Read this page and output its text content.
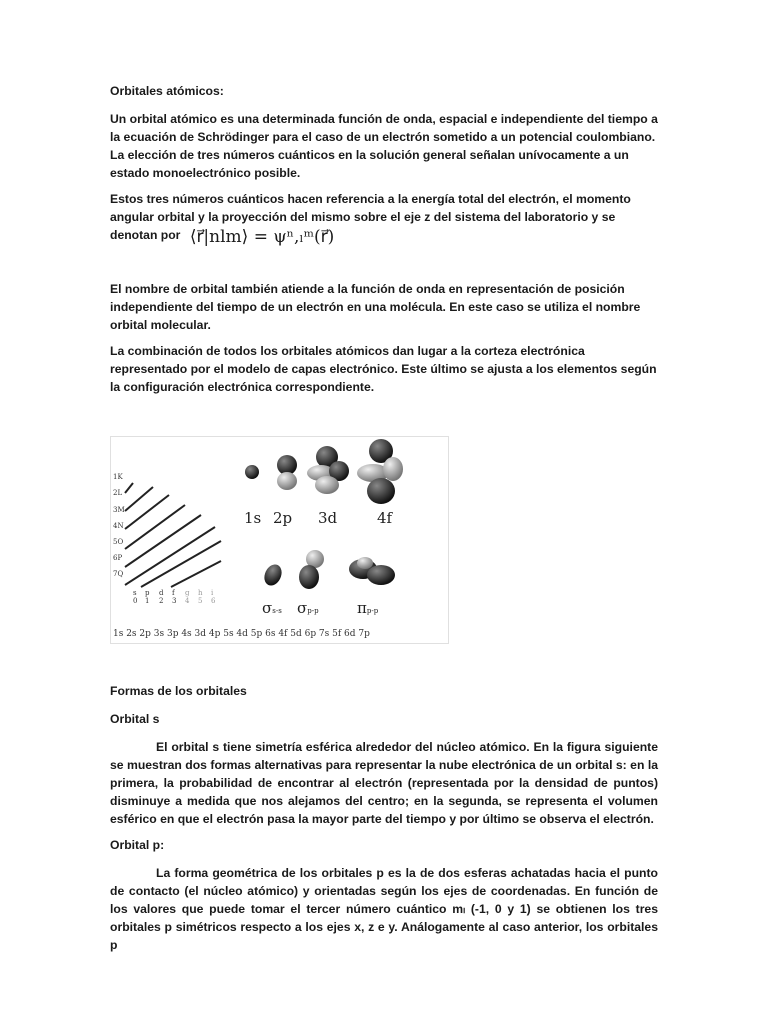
Orbitales atómicos:
Un orbital atómico es una determinada función de onda, espacial e independiente del tiempo a la ecuación de Schrödinger para el caso de un electrón sometido a un potencial coulombiano. La elección de tres números cuánticos en la solución general señalan unívocamente a un estado monoelectrónico posible.
Estos tres números cuánticos hacen referencia a la energía total del electrón, el momento angular orbital y la proyección del mismo sobre el eje z del sistema del laboratorio y se denotan por ⟨r⃗|nlm⟩ = ψⁿ,ₗᵐ(r⃗)
El nombre de orbital también atiende a la función de onda en representación de posición independiente del tiempo de un electrón en una molécula. En este caso se utiliza el nombre orbital molecular.
La combinación de todos los orbitales atómicos dan lugar a la corteza electrónica representado por el modelo de capas electrónico. Este último se ajusta a los elementos según la configuración electrónica correspondiente.
1K
2L
3M
4N
5O
6P
7Q
s p d f g h i
0 1 2 3 4 5 6
1s 2p 3d	4f
σs-s σp-p	πp-p
1s 2s 2p 3s 3p 4s 3d 4p 5s 4d 5p 6s 4f 5d 6p 7s 5f 6d 7p
Formas de los orbitales
Orbital s
El orbital s tiene simetría esférica alrededor del núcleo atómico. En la figura siguiente se muestran dos formas alternativas para representar la nube electrónica de un orbital s: en la primera, la probabilidad de encontrar al electrón (representada por la densidad de puntos) disminuye a medida que nos alejamos del centro; en la segunda, se representa el volumen esférico en que el electrón pasa la mayor parte del tiempo y por último se observa el electrón.
Orbital p:
La forma geométrica de los orbitales p es la de dos esferas achatadas hacia el punto de contacto (el núcleo atómico) y orientadas según los ejes de coordenadas. En función de los valores que puede tomar el tercer número cuántico mₗ (-1, 0 y 1) se obtienen los tres orbitales p simétricos respecto a los ejes x, z e y. Análogamente al caso anterior, los orbitales p
